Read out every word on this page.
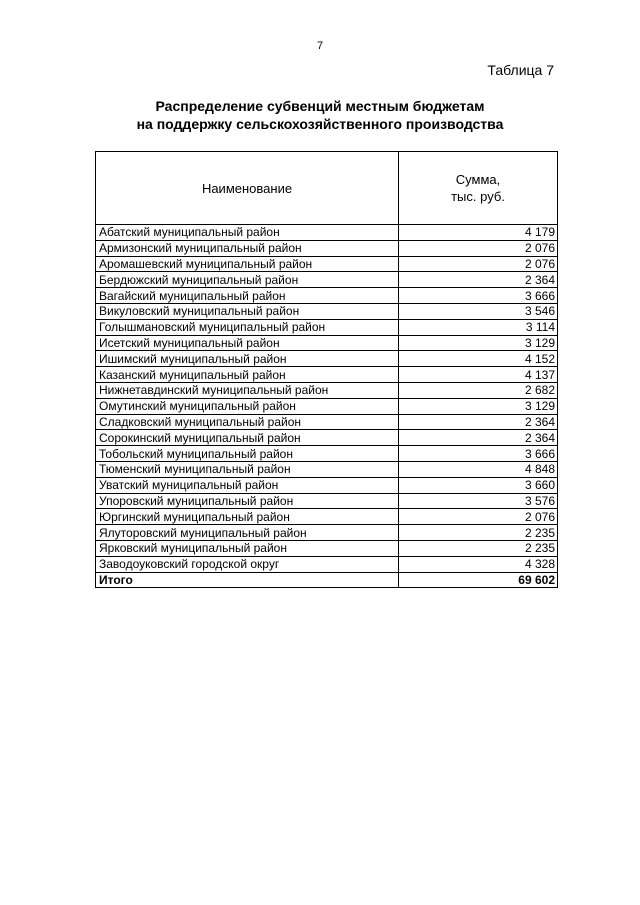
7
Таблица 7
Распределение субвенций местным бюджетам
на поддержку сельскохозяйственного производства
Наименование	Сумма,
тыс. руб.

Абатский муниципальный район	4 179
Армизонский муниципальный район	2 076
Аромашевский муниципальный район	2 076
Бердюжский муниципальный район	2 364
Вагайский муниципальный район	3 666
Викуловский муниципальный район	3 546
Голышмановский муниципальный район	3 114
Исетский муниципальный район	3 129
Ишимский муниципальный район	4 152
Казанский муниципальный район	4 137
Нижнетавдинский муниципальный район	2 682
Омутинский муниципальный район	3 129
Сладковский муниципальный район	2 364
Сорокинский муниципальный район	2 364
Тобольский муниципальный район	3 666
Тюменский муниципальный район	4 848
Уватский муниципальный район	3 660
Упоровский муниципальный район	3 576
Юргинский муниципальный район	2 076
Ялуторовский муниципальный район	2 235
Ярковский муниципальный район	2 235
Заводоуковский городской округ	4 328
Итого	69 602
